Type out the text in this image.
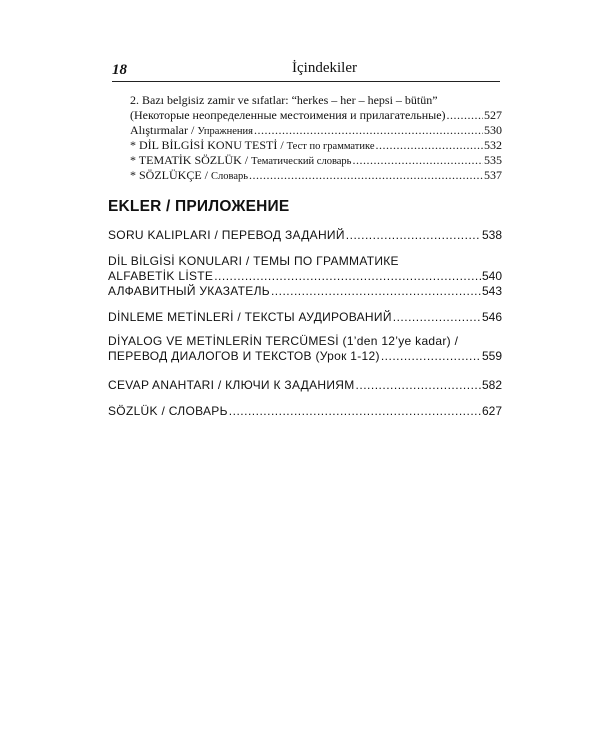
18	İçindekiler
2. Bazı belgisiz zamir ve sıfatlar: “herkes – her – hepsi – bütün”
(Некоторые неопределенные местоимения и прилагательные) .....	527
Alıştırmalar / Упражнения .....	530
* DİL BİLGİSİ KONU TESTİ / Тест по грамматике .....	532
* TEMATİK SÖZLÜK / Тематический словарь .....	535
* SÖZLÜKÇE / Словарь .....	537
EKLER / ПРИЛОЖЕНИЕ
SORU KALIPLARI / ПЕРЕВОД ЗАДАНИЙ .....	538
DİL BİLGİSİ KONULARI / ТЕМЫ ПО ГРАММАТИКЕ
ALFABETİK LİSTE .....	540
АЛФАВИТНЫЙ УКАЗАТЕЛЬ .....	543
DİNLEME METİNLERİ / ТЕКСТЫ АУДИРОВАНИЙ .....	546
DİYALOG VE METİNLERİN TERCÜMESİ (1’den 12’ye kadar) /
ПЕРЕВОД ДИАЛОГОВ И ТЕКСТОВ (Урок 1-12) .....	559
CEVAP ANAHTARI / КЛЮЧИ К ЗАДАНИЯМ .....	582
SÖZLÜK / СЛОВАРЬ .....	627
